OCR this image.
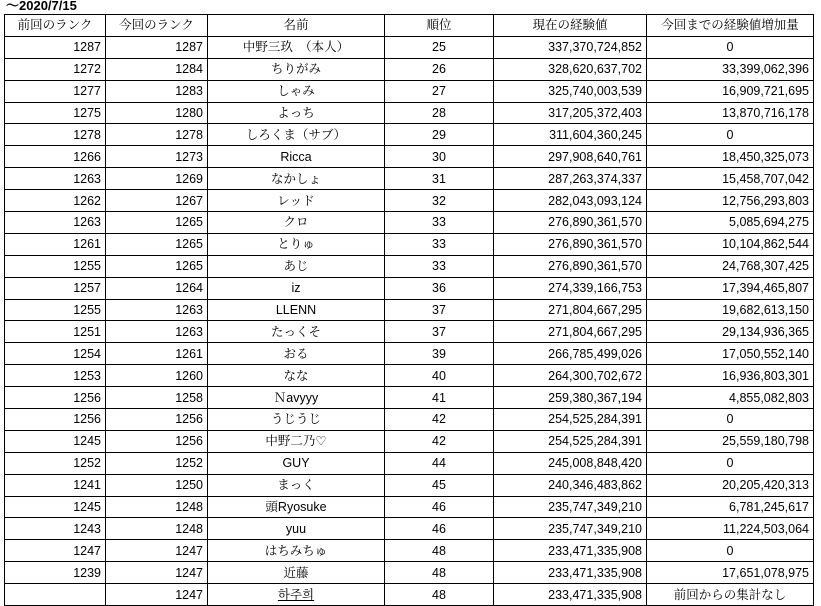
～2020/7/15
前回のランク	今回のランク	名前	順位	現在の経験値	今回までの経験値増加量
1287	1287	中野三玖　（本人）	25	337,370,724,852	0
1272	1284	ちりがみ	26	328,620,637,702	33,399,062,396
1277	1283	しゃみ	27	325,740,003,539	16,909,721,695
1275	1280	よっち	28	317,205,372,403	13,870,716,178
1278	1278	しろくま（サブ）	29	311,604,360,245	0
1266	1273	Ricca	30	297,908,640,761	18,450,325,073
1263	1269	なかしょ	31	287,263,374,337	15,458,707,042
1262	1267	レッド	32	282,043,093,124	12,756,293,803
1263	1265	クロ	33	276,890,361,570	5,085,694,275
1261	1265	とりゅ	33	276,890,361,570	10,104,862,544
1255	1265	あじ	33	276,890,361,570	24,768,307,425
1257	1264	iz	36	274,339,166,753	17,394,465,807
1255	1263	LLENN	37	271,804,667,295	19,682,613,150
1251	1263	たっくそ	37	271,804,667,295	29,134,936,365
1254	1261	おる	39	266,785,499,026	17,050,552,140
1253	1260	なな	40	264,300,702,672	16,936,803,301
1256	1258	Ｎavyyy	41	259,380,367,194	4,855,082,803
1256	1256	うじうじ	42	254,525,284,391	0
1245	1256	中野二乃♡	42	254,525,284,391	25,559,180,798
1252	1252	GUY	44	245,008,848,420	0
1241	1250	まっく	45	240,346,483,862	20,205,420,313
1245	1248	頭Ryosuke	46	235,747,349,210	6,781,245,617
1243	1248	yuu	46	235,747,349,210	11,224,503,064
1247	1247	はちみちゅ	48	233,471,335,908	0
1239	1247	近藤	48	233,471,335,908	17,651,078,975
	1247	하주희	48	233,471,335,908	前回からの集計なし
